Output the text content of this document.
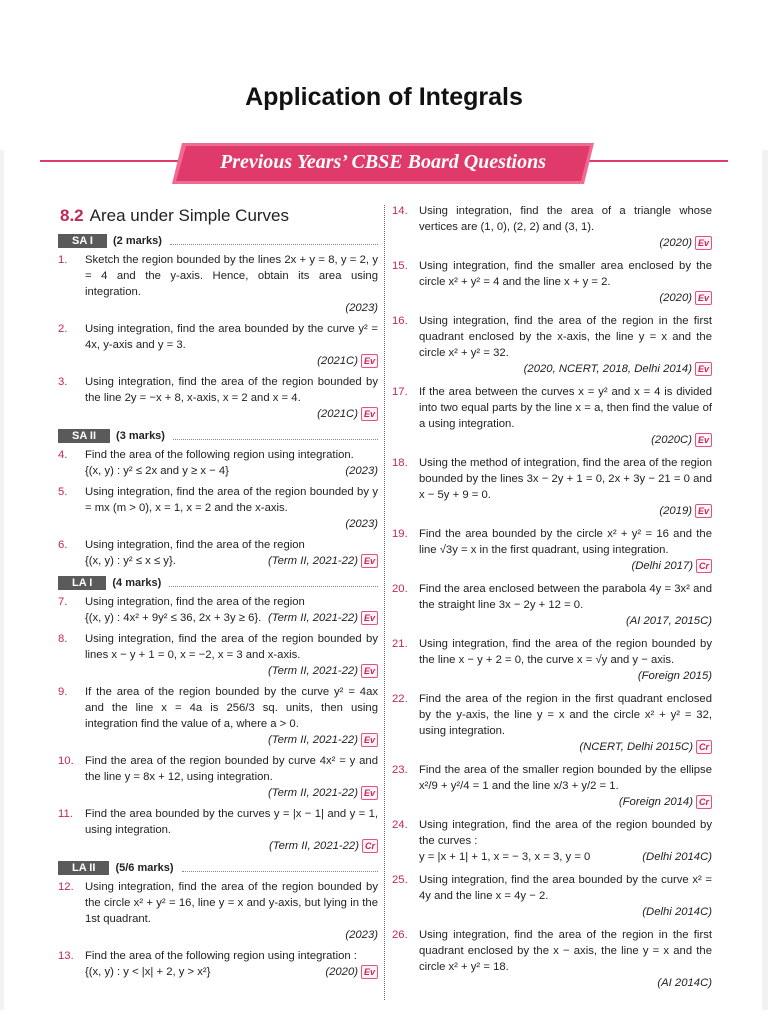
Application of Integrals
Previous Years’ CBSE Board Questions
8.2 Area under Simple Curves
SA I	(2 marks)
1.	Sketch the region bounded by the lines 2x + y = 8, y = 2, y = 4 and the y-axis. Hence, obtain its area using integration.
(2023)
2.	Using integration, find the area bounded by the curve y² = 4x, y-axis and y = 3.
(2021C) Ev
3.	Using integration, find the area of the region bounded by the line 2y = −x + 8, x-axis, x = 2 and x = 4.
(2021C) Ev
SA II	(3 marks)
4.	Find the area of the following region using integration.
{(x, y) : y² ≤ 2x and y ≥ x − 4}	(2023)
5.	Using integration, find the area of the region bounded by y = mx (m > 0), x = 1, x = 2 and the x-axis.
(2023)
6.	Using integration, find the area of the region
{(x, y) : y² ≤ x ≤ y}.	(Term II, 2021-22) Ev
LA I	(4 marks)
7.	Using integration, find the area of the region
{(x, y) : 4x² + 9y² ≤ 36, 2x + 3y ≥ 6}. (Term II, 2021-22) Ev
8.	Using integration, find the area of the region bounded by lines x − y + 1 = 0, x = −2, x = 3 and x-axis.
(Term II, 2021-22) Ev
9.	If the area of the region bounded by the curve y² = 4ax and the line x = 4a is 256/3 sq. units, then using integration find the value of a, where a > 0.
(Term II, 2021-22) Ev
10. Find the area of the region bounded by curve 4x² = y and the line y = 8x + 12, using integration.
(Term II, 2021-22) Ev
11.	Find the area bounded by the curves y = |x − 1| and y = 1, using integration.
(Term II, 2021-22) Cr
LA II	(5/6 marks)
12. Using integration, find the area of the region bounded by the circle x² + y² = 16, line y = x and y-axis, but lying in the 1st quadrant.
(2023)
13. Find the area of the following region using integration :
{(x, y) : y < |x| + 2, y > x²}	(2020) Ev
14. Using integration, find the area of a triangle whose vertices are (1, 0), (2, 2) and (3, 1).
(2020) Ev
15. Using integration, find the smaller area enclosed by the circle x² + y² = 4 and the line x + y = 2.
(2020) Ev
16. Using integration, find the area of the region in the first quadrant enclosed by the x-axis, the line y = x and the circle x² + y² = 32.
(2020, NCERT, 2018, Delhi 2014) Ev
17. If the area between the curves x = y² and x = 4 is divided into two equal parts by the line x = a, then find the value of a using integration.
(2020C) Ev
18. Using the method of integration, find the area of the region bounded by the lines 3x − 2y + 1 = 0, 2x + 3y − 21 = 0 and x − 5y + 9 = 0.
(2019) Ev
19. Find the area bounded by the circle x² + y² = 16 and the line √3y = x in the first quadrant, using integration.
(Delhi 2017) Cr
20. Find the area enclosed between the parabola 4y = 3x² and the straight line 3x − 2y + 12 = 0.
(AI 2017, 2015C)
21. Using integration, find the area of the region bounded by the line x − y + 2 = 0, the curve x = √y and y − axis.
(Foreign 2015)
22. Find the area of the region in the first quadrant enclosed by the y-axis, the line y = x and the circle x² + y² = 32, using integration.
(NCERT, Delhi 2015C) Cr
23. Find the area of the smaller region bounded by the ellipse x²/9 + y²/4 = 1 and the line x/3 + y/2 = 1.
(Foreign 2014) Cr
24. Using integration, find the area of the region bounded by the curves :
y = |x + 1| + 1, x = − 3, x = 3, y = 0	(Delhi 2014C)
25. Using integration, find the area bounded by the curve x² = 4y and the line x = 4y − 2.
(Delhi 2014C)
26. Using integration, find the area of the region in the first quadrant enclosed by the x − axis, the line y = x and the circle x² + y² = 18.
(AI 2014C)
